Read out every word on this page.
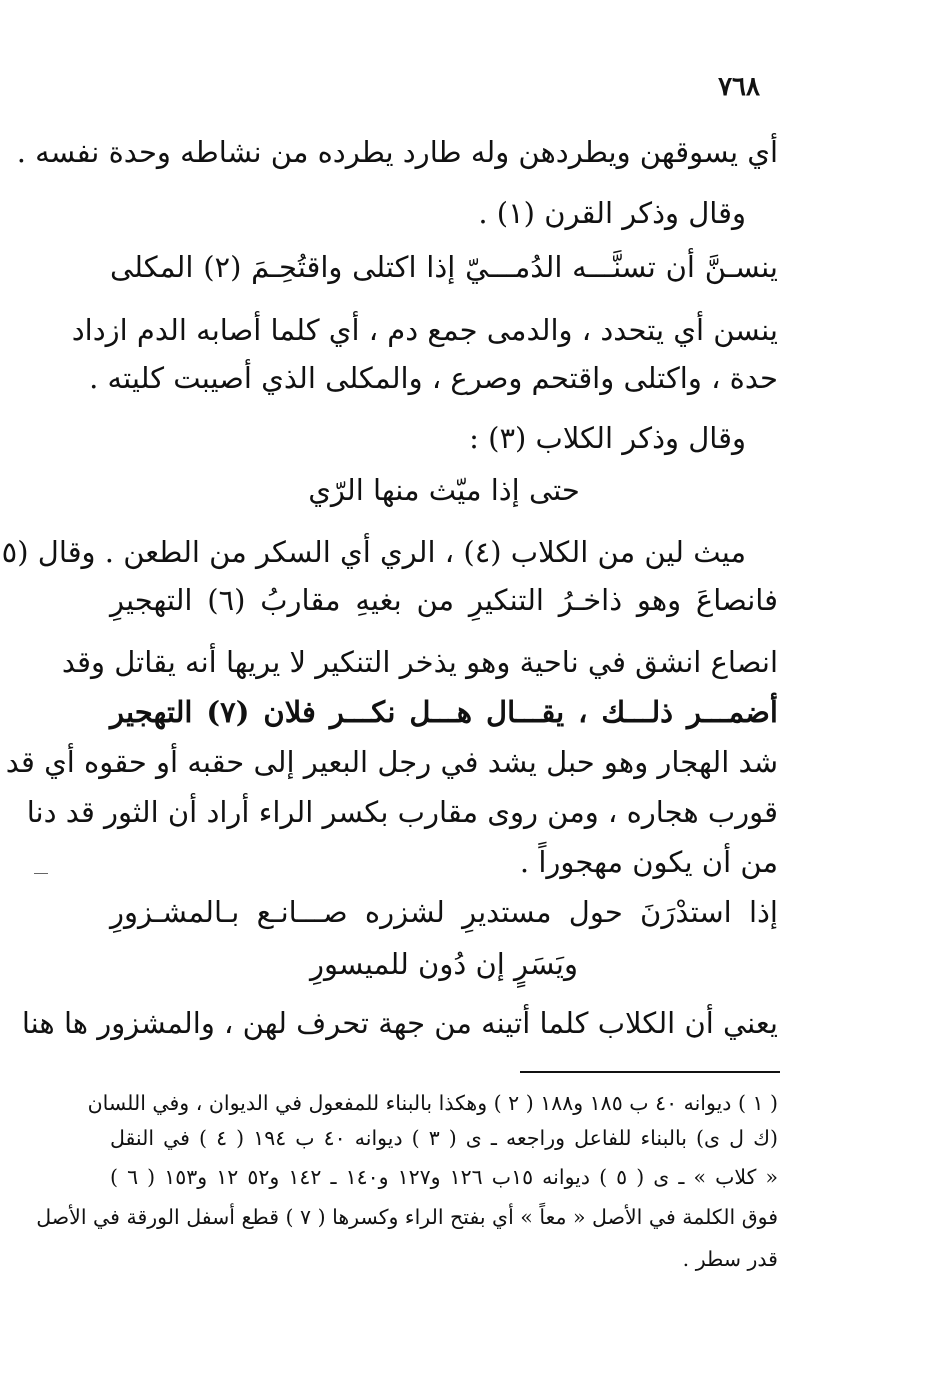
٧٦٨
أي يسوقهن ويطردهن وله طارد يطرده من نشاطه وحدة نفسه .
وقال وذكر القرن (١) .
ينسـنَّ أن تسنَّـــه الدُمـــيّ إذا اكتلى واقتُحِـمَ (٢) المكلى
ينسن أي يتحدد ، والدمى جمع دم ، أي كلما أصابه الدم ازداد
حدة ، واكتلى واقتحم وصرع ، والمكلى الذي أصيبت كليته .
وقال وذكر الكلاب (٣) :
حتى إذا ميّث منها الرّي
ميث لين من الكلاب (٤) ، الري أي السكر من الطعن . وقال (٥
فانصاعَ وهو ذاخـرُ التنكيرِ من بغيهِ مقاربُ (٦) التهجيرِ
انصاع انشق في ناحية وهو يذخر التنكير لا يريها أنه يقاتل وقد
أضمـــر ذلـــك ، يقـــال هـــل نكـــر فلان (٧) التهجير
شد الهجار وهو حبل يشد في رجل البعير إلى حقبه أو حقوه أي قد
قورب هجاره ، ومن روى مقارب بكسر الراء أراد أن الثور قد دنا
من أن يكون مهجوراً .
إذا استدْرَنَ حول مستديرِ لشزره صـــانـع بـالمشـزورِ
ويَسَرٍ إن دُون للميسورِ
يعني أن الكلاب كلما أتينه من جهة تحرف لهن ، والمشزور ها هنا
( ١ ) ديوانه ٤٠ ب ١٨٥ و١٨٨ ( ٢ ) وهكذا بالبناء للمفعول في الديوان ، وفي اللسان
(ك ل ى) بالبناء للفاعل وراجعه ـ ى ( ٣ ) ديوانه ٤٠ ب ١٩٤ ( ٤ ) في النقل
« كلاب » ـ ى ( ٥ ) ديوانه ١٥ب ١٢٦ و١٢٧ و١٤٠ ـ ١٤٢ و٥٢ ١٢ و١٥٣ ( ٦ )
فوق الكلمة في الأصل « معاً » أي بفتح الراء وكسرها ( ٧ ) قطع أسفل الورقة في الأصل
قدر سطر .
